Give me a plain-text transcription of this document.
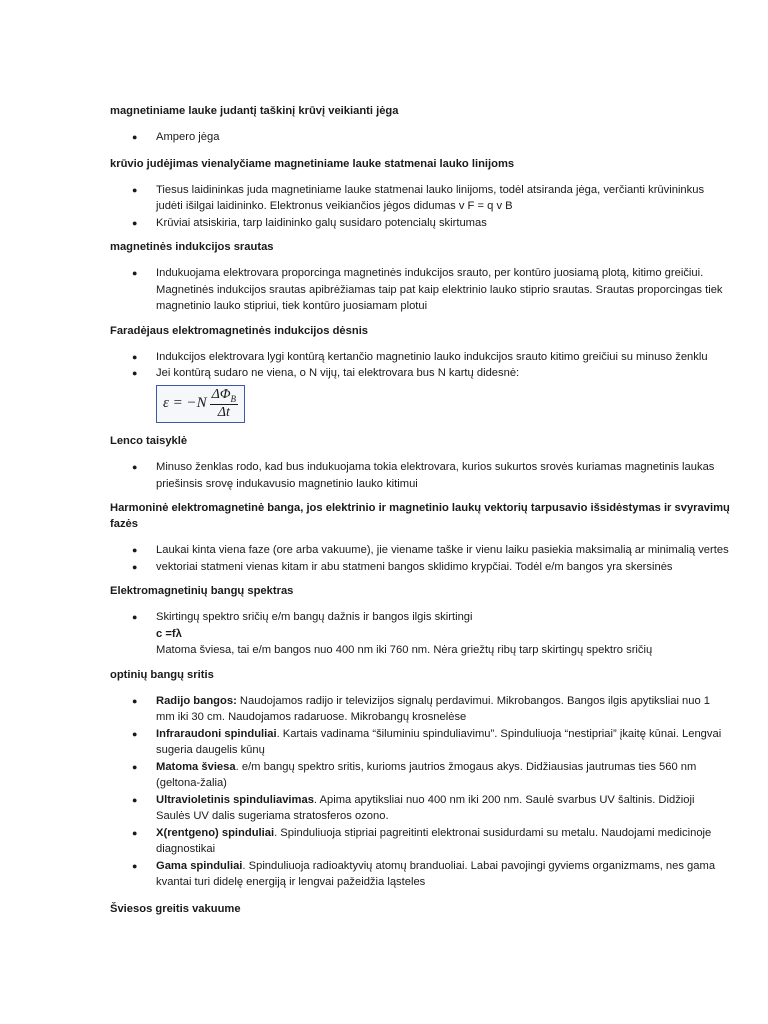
magnetiniame lauke judantį taškinį krūvį veikianti jėga

● Ampero jėga

krūvio judėjimas vienalyčiame magnetiniame lauke statmenai lauko linijoms

● Tiesus laidininkas juda magnetiniame lauke statmenai lauko linijoms, todėl atsiranda jėga, verčianti krūvininkus judėti išilgai laidininko. Elektronus veikiančios jėgos didumas v F = q v B
● Krūviai atsiskiria, tarp laidininko galų susidaro potencialų skirtumas

magnetinės indukcijos srautas

● Indukuojama elektrovara proporcinga magnetinės indukcijos srauto, per kontūro juosiamą plotą, kitimo greičiui. Magnetinės indukcijos srautas apibrėžiamas taip pat kaip elektrinio lauko stiprio srautas. Srautas proporcingas tiek magnetinio lauko stipriui, tiek kontūro juosiamam plotui

Faradėjaus elektromagnetinės indukcijos dėsnis

● Indukcijos elektrovara lygi kontūrą kertančio magnetinio lauko indukcijos srauto kitimo greičiui su minuso ženklu
● Jei kontūrą sudaro ne viena, o N vijų, tai elektrovara bus N kartų didesnė:

$\varepsilon = -N \frac{\Delta\Phi_B}{\Delta t}$

Lenco taisyklė

● Minuso ženklas rodo, kad bus indukuojama tokia elektrovara, kurios sukurtos srovės kuriamas magnetinis laukas priešinsis srovę indukavusio magnetinio lauko kitimui

Harmoninė elektromagnetinė banga, jos elektrinio ir magnetinio laukų vektorių tarpusavio išsidėstymas ir svyravimų fazės

● Laukai kinta viena faze (ore arba vakuume), jie viename taške ir vienu laiku pasiekia maksimalią ar minimalią vertes
● vektoriai statmeni vienas kitam ir abu statmeni bangos sklidimo krypčiai. Todėl e/m bangos yra skersinės

Elektromagnetinių bangų spektras

● Skirtingų spektro sričių e/m bangų dažnis ir bangos ilgis skirtingi
c =fλ
Matoma šviesa, tai e/m bangos nuo 400 nm iki 760 nm. Nėra griežtų ribų tarp skirtingų spektro sričių

optinių bangų sritis

● Radijo bangos: Naudojamos radijo ir televizijos signalų perdavimui. Mikrobangos. Bangos ilgis apytiksliai nuo 1 mm iki 30 cm. Naudojamos radaruose. Mikrobangų krosnelėse
● Infraraudoni spinduliai. Kartais vadinama “šiluminiu spinduliavimu”. Spinduliuoja “nestipriai” įkaitę kūnai. Lengvai sugeria daugelis kūnų
● Matoma šviesa. e/m bangų spektro sritis, kurioms jautrios žmogaus akys. Didžiausias jautrumas ties 560 nm (geltona-žalia)
● Ultravioletinis spinduliavimas. Apima apytiksliai nuo 400 nm iki 200 nm. Saulė svarbus UV šaltinis. Didžioji Saulės UV dalis sugeriama stratosferos ozono.
● X(rentgeno) spinduliai. Spinduliuoja stipriai pagreitinti elektronai susidurdami su metalu. Naudojami medicinoje diagnostikai
● Gama spinduliai. Spinduliuoja radioaktyvių atomų branduoliai. Labai pavojingi gyviems organizmams, nes gama kvantai turi didelę energiją ir lengvai pažeidžia ląsteles

Šviesos greitis vakuume
